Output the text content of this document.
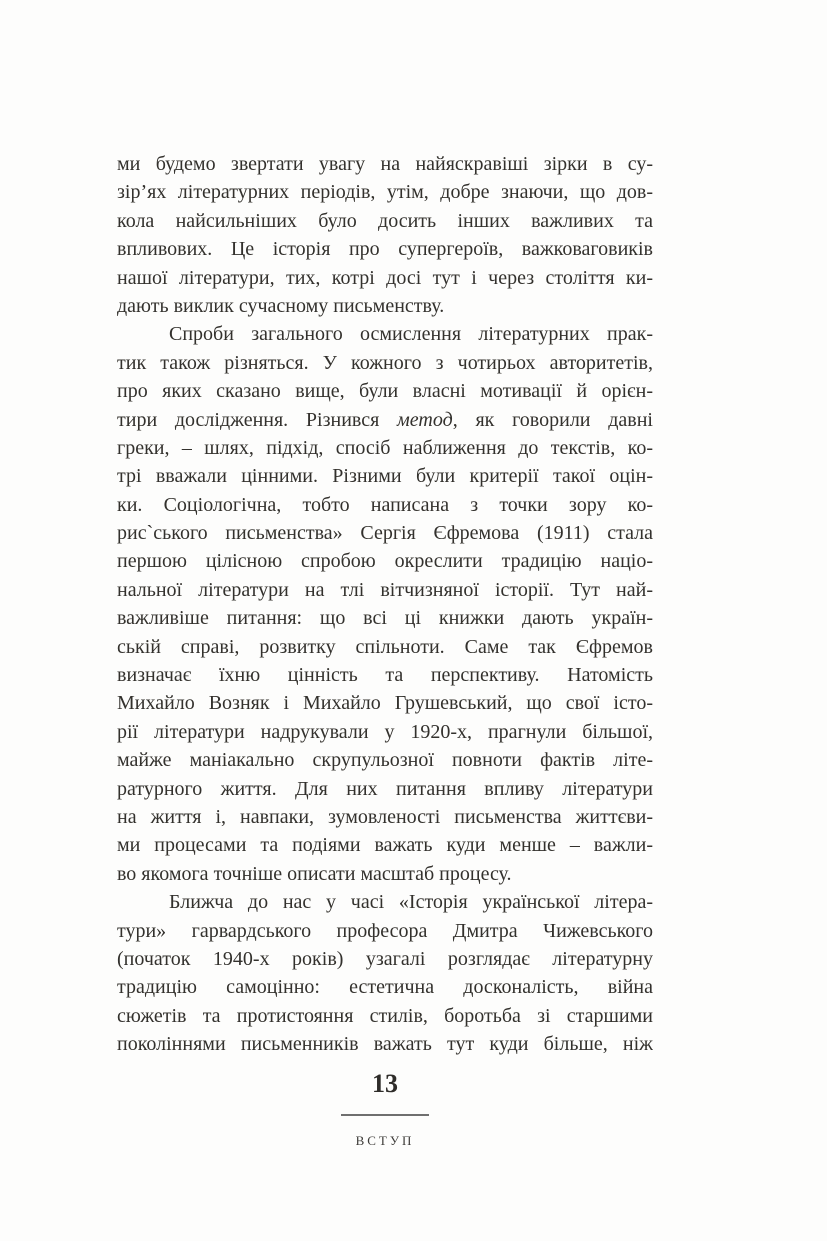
ми будемо звертати увагу на найяскравіші зірки в су-
зір’ях літературних періодів, утім, добре знаючи, що дов-
кола найсильніших було досить інших важливих та
впливових. Це історія про супергероїв, важковаговиків
нашої літератури, тих, котрі досі тут і через століття ки-
дають виклик сучасному письменству.
Спроби загального осмислення літературних прак-
тик також різняться. У кожного з чотирьох авторитетів,
про яких сказано вище, були власні мотивації й орієн-
тири дослідження. Різнився метод, як говорили давні
греки, – шлях, підхід, спосіб наближення до текстів, ко-
трі вважали цінними. Різними були критерії такої оцін-
ки. Соціологічна, тобто написана з точки зору ко-
рис`ського письменства» Сергія Єфремова (1911) стала
першою цілісною спробою окреслити традицію націо-
нальної літератури на тлі вітчизняної історії. Тут най-
важливіше питання: що всі ці книжки дають україн-
ській справі, розвитку спільноти. Саме так Єфремов
визначає їхню цінність та перспективу. Натомість
Михайло Возняк і Михайло Грушевський, що свої істо-
рії літератури надрукували у 1920-х, прагнули більшої,
майже маніакально скрупульозної повноти фактів літе-
ратурного життя. Для них питання впливу літератури
на життя і, навпаки, зумовленості письменства життєви-
ми процесами та подіями важать куди менше – важли-
во якомога точніше описати масштаб процесу.
Ближча до нас у часі «Історія української літера-
тури» гарвардського професора Дмитра Чижевського
(початок 1940-х років) узагалі розглядає літературну
традицію самоцінно: естетична досконалість, війна
сюжетів та протистояння стилів, боротьба зі старшими
поколіннями письменників важать тут куди більше, ніж
13
ВСТУП
